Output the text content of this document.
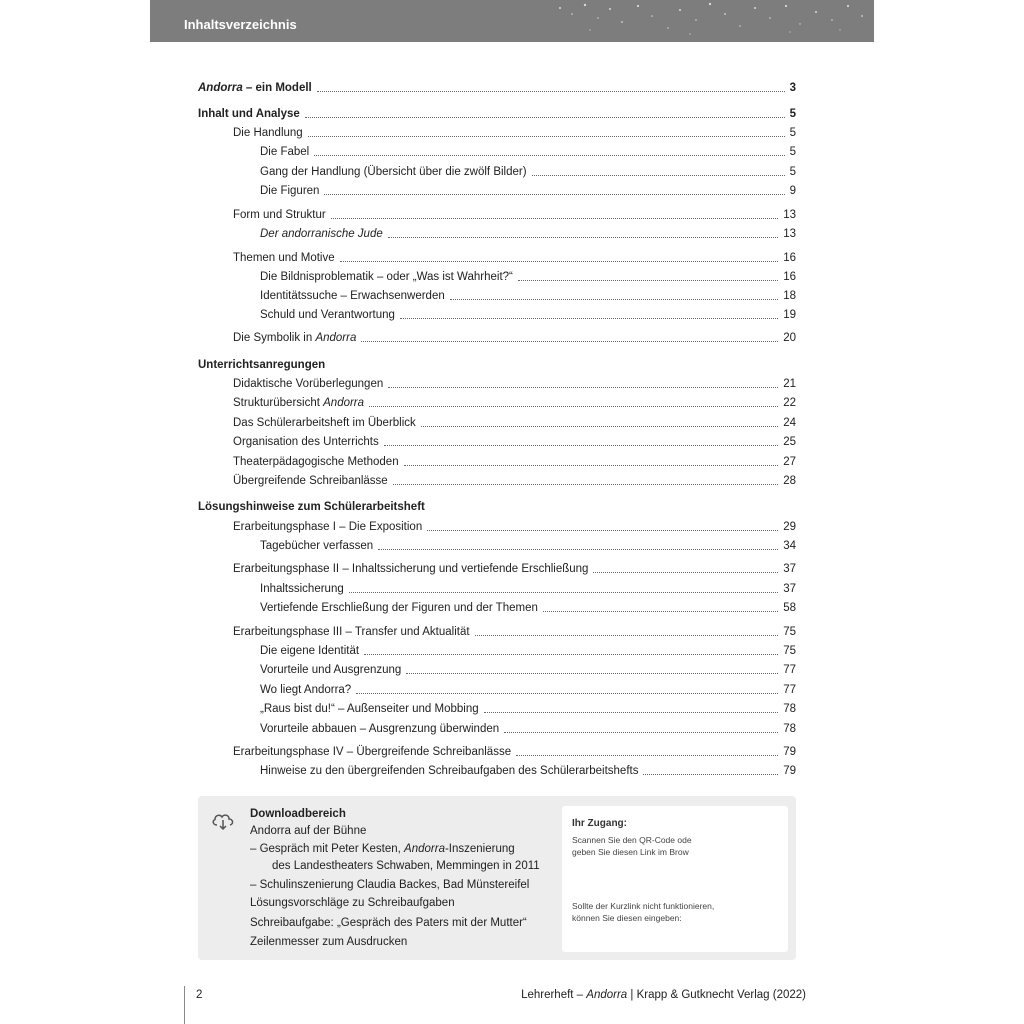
Inhaltsverzeichnis
Andorra – ein Modell	3
Inhalt und Analyse	5
Die Handlung	5
Die Fabel	5
Gang der Handlung (Übersicht über die zwölf Bilder)	5
Die Figuren	9
Form und Struktur	13
Der andorranische Jude	13
Themen und Motive	16
Die Bildnisproblematik – oder „Was ist Wahrheit?“	16
Identitätssuche – Erwachsenwerden	18
Schuld und Verantwortung	19
Die Symbolik in Andorra	20
Unterrichtsanregungen
Didaktische Vorüberlegungen	21
Strukturübersicht Andorra	22
Das Schülerarbeitsheft im Überblick	24
Organisation des Unterrichts	25
Theaterpädagogische Methoden	27
Übergreifende Schreibanlässe	28
Lösungshinweise zum Schülerarbeitsheft
Erarbeitungsphase I – Die Exposition	29
Tagebücher verfassen	34
Erarbeitungsphase II – Inhaltssicherung und vertiefende Erschließung	37
Inhaltssicherung	37
Vertiefende Erschließung der Figuren und der Themen	58
Erarbeitungsphase III – Transfer und Aktualität	75
Die eigene Identität	75
Vorurteile und Ausgrenzung	77
Wo liegt Andorra?	77
„Raus bist du!“ – Außenseiter und Mobbing	78
Vorurteile abbauen – Ausgrenzung überwinden	78
Erarbeitungsphase IV – Übergreifende Schreibanlässe	79
Hinweise zu den übergreifenden Schreibaufgaben des Schülerarbeitshefts	79
Downloadbereich
Andorra auf der Bühne
– Gespräch mit Peter Kesten, Andorra-Inszenierung
des Landestheaters Schwaben, Memmingen in 2011
– Schulinszenierung Claudia Backes, Bad Münstereifel
Lösungsvorschläge zu Schreibaufgaben
Schreibaufgabe: „Gespräch des Paters mit der Mutter“
Zeilenmesser zum Ausdrucken
Ihr Zugang:
Scannen Sie den QR-Code ode
geben Sie diesen Link im Brow
Sollte der Kurzlink nicht funktionieren,
können Sie diesen eingeben:
2	Lehrerheft – Andorra | Krapp & Gutknecht Verlag (2022)
